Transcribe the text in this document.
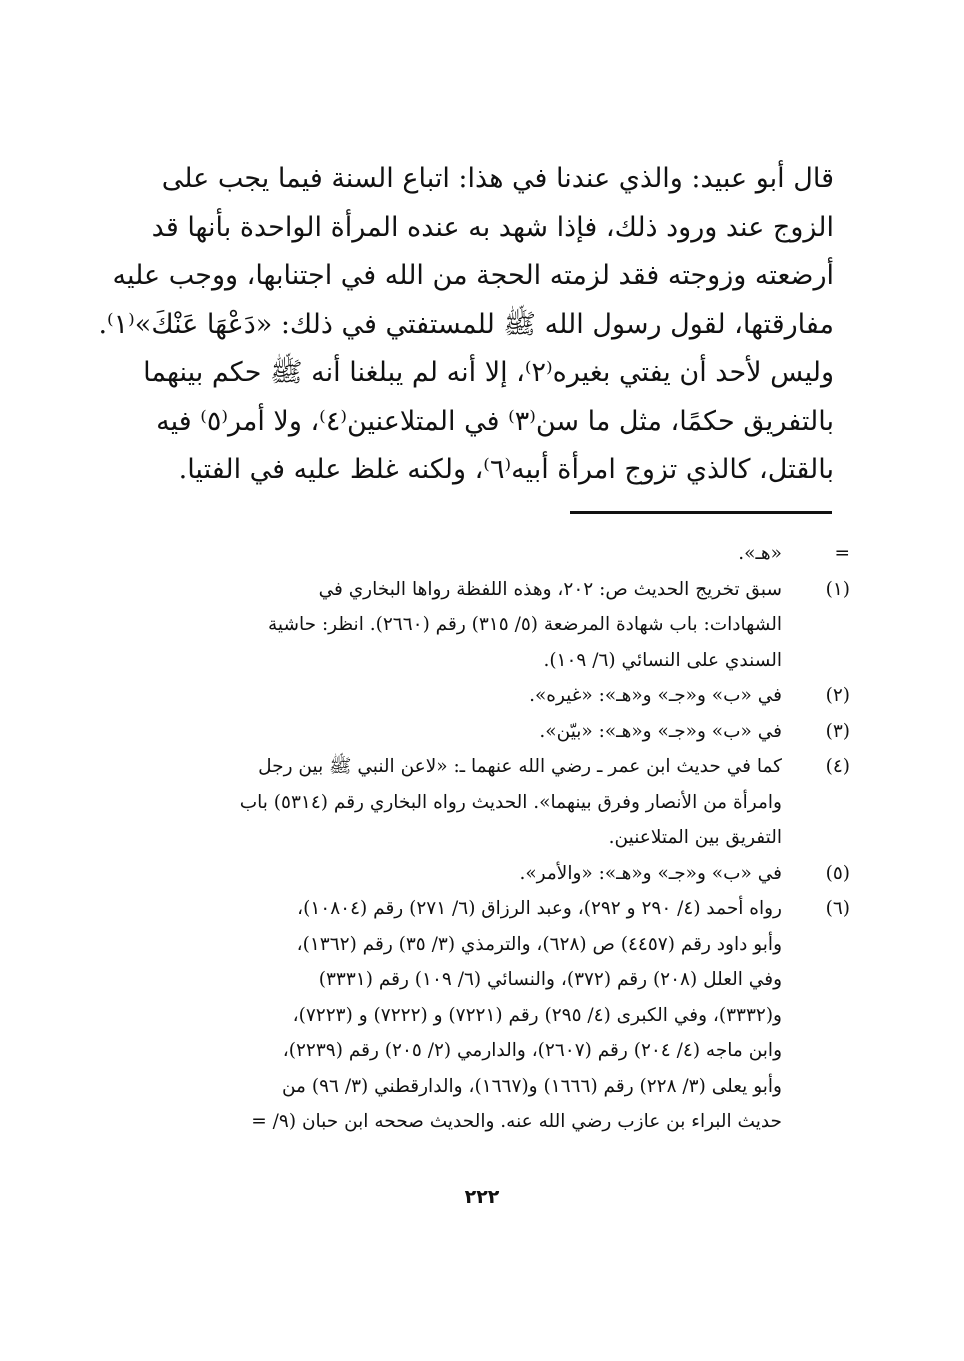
قال أبو عبيد: والذي عندنا في هذا: اتباع السنة فيما يجب على
الزوج عند ورود ذلك، فإذا شهد به عنده المرأة الواحدة بأنها قد
أرضعته وزوجته فقد لزمته الحجة من الله في اجتنابها، ووجب عليه
مفارقتها، لقول رسول الله ﷺ للمستفتي في ذلك: «دَعْهَا عَنْكَ»⁽١⁾.
وليس لأحد أن يفتي بغيره⁽٢⁾، إلا أنه لم يبلغنا أنه ﷺ حكم بينهما
بالتفريق حكمًا، مثل ما سن⁽٣⁾ في المتلاعنين⁽٤⁾، ولا أمر⁽٥⁾ فيه
بالقتل، كالذي تزوج امرأة أبيه⁽٦⁾، ولكنه غلظ عليه في الفتيا.
=
«هـ».
(١)
سبق تخريج الحديث ص: ٢٠٢، وهذه اللفظة رواها البخاري في
الشهادات: باب شهادة المرضعة (٥/ ٣١٥) رقم (٢٦٦٠). انظر: حاشية
السندي على النسائي (٦/ ١٠٩).
(٢)
في «ب» و«جـ» و«هـ»: «غيره».
(٣)
في «ب» و«جـ» و«هـ»: «بيّن».
(٤)
كما في حديث ابن عمر ـ رضي الله عنهما ـ: «لاعن النبي ﷺ بين رجل
وامرأة من الأنصار وفرق بينهما». الحديث رواه البخاري رقم (٥٣١٤) باب
التفريق بين المتلاعنين.
(٥)
في «ب» و«جـ» و«هـ»: «والأمر».
(٦)
رواه أحمد (٤/ ٢٩٠ و ٢٩٢)، وعبد الرزاق (٦/ ٢٧١) رقم (١٠٨٠٤)،
وأبو داود رقم (٤٤٥٧) ص (٦٢٨)، والترمذي (٣/ ٣٥) رقم (١٣٦٢)،
وفي العلل (٢٠٨) رقم (٣٧٢)، والنسائي (٦/ ١٠٩) رقم (٣٣٣١)
و(٣٣٣٢)، وفي الكبرى (٤/ ٢٩٥) رقم (٧٢٢١) و (٧٢٢٢) و (٧٢٢٣)،
وابن ماجه (٤/ ٢٠٤) رقم (٢٦٠٧)، والدارمي (٢/ ٢٠٥) رقم (٢٢٣٩)،
وأبو يعلى (٣/ ٢٢٨) رقم (١٦٦٦) و(١٦٦٧)، والدارقطني (٣/ ٩٦) من
حديث البراء بن عازب رضي الله عنه. والحديث صححه ابن حبان (٩/ =
٢٢٢
